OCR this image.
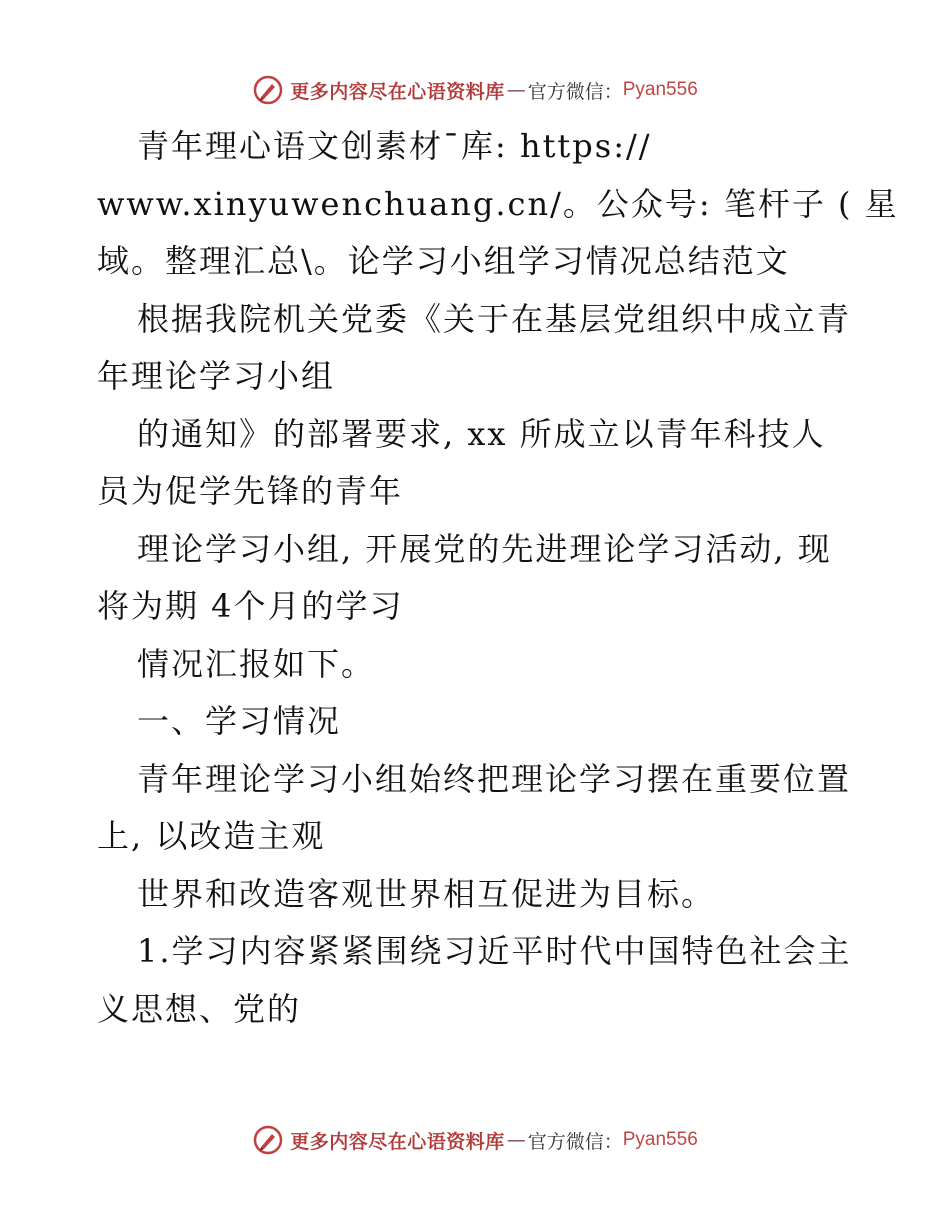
更多内容尽在心语资料库 — 官方微信： Pyan556
青年理心语文创素材¯库: https://
www.xinyuwenchuang.cn/。公众号: 笔杆子 ( 星
域。整理汇总\。论学习小组学习情况总结范文
根据我院机关党委《关于在基层党组织中成立青
年理论学习小组
的通知》的部署要求, xx 所成立以青年科技人
员为促学先锋的青年
理论学习小组, 开展党的先进理论学习活动, 现
将为期 4个月的学习
情况汇报如下。
一、学习情况
青年理论学习小组始终把理论学习摆在重要位置
上, 以改造主观
世界和改造客观世界相互促进为目标。
1.学习内容紧紧围绕习近平时代中国特色社会主
义思想、党的
更多内容尽在心语资料库 — 官方微信： Pyan556
